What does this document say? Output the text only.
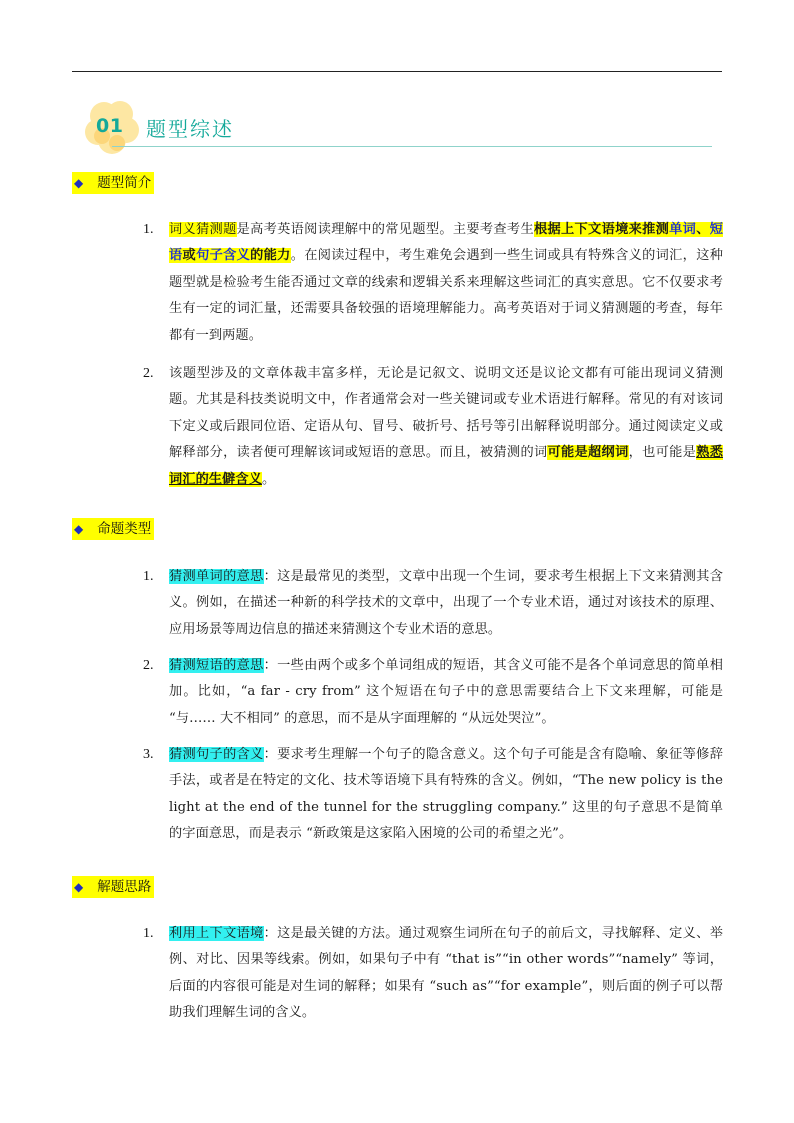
01 题型综述
◆ 题型简介
1. 词义猜测题是高考英语阅读理解中的常见题型。主要考查考生根据上下文语境来推测单词、短语或句子含义的能力。在阅读过程中，考生难免会遇到一些生词或具有特殊含义的词汇，这种题型就是检验考生能否通过文章的线索和逻辑关系来理解这些词汇的真实意思。它不仅要求考生有一定的词汇量，还需要具备较强的语境理解能力。高考英语对于词义猜测题的考查，每年都有一到两题。
2. 该题型涉及的文章体裁丰富多样，无论是记叙文、说明文还是议论文都有可能出现词义猜测题。尤其是科技类说明文中，作者通常会对一些关键词或专业术语进行解释。常见的有对该词下定义或后跟同位语、定语从句、冒号、破折号、括号等引出解释说明部分。通过阅读定义或解释部分，读者便可理解该词或短语的意思。而且，被猜测的词可能是超纲词，也可能是熟悉词汇的生僻含义。
◆ 命题类型
1. 猜测单词的意思：这是最常见的类型，文章中出现一个生词，要求考生根据上下文来猜测其含义。例如，在描述一种新的科学技术的文章中，出现了一个专业术语，通过对该技术的原理、应用场景等周边信息的描述来猜测这个专业术语的意思。
2. 猜测短语的意思：一些由两个或多个单词组成的短语，其含义可能不是各个单词意思的简单相加。比如，“a far - cry from” 这个短语在句子中的意思需要结合上下文来理解，可能是 “与…… 大不相同” 的意思，而不是从字面理解的 “从远处哭泣”。
3. 猜测句子的含义：要求考生理解一个句子的隐含意义。这个句子可能是含有隐喻、象征等修辞手法，或者是在特定的文化、技术等语境下具有特殊的含义。例如，“The new policy is the light at the end of the tunnel for the struggling company.” 这里的句子意思不是简单的字面意思，而是表示 “新政策是这家陷入困境的公司的希望之光”。
◆ 解题思路
1. 利用上下文语境：这是最关键的方法。通过观察生词所在句子的前后文，寻找解释、定义、举例、对比、因果等线索。例如，如果句子中有 “that is”“in other words”“namely” 等词，后面的内容很可能是对生词的解释；如果有 “such as”“for example”，则后面的例子可以帮助我们理解生词的含义。
